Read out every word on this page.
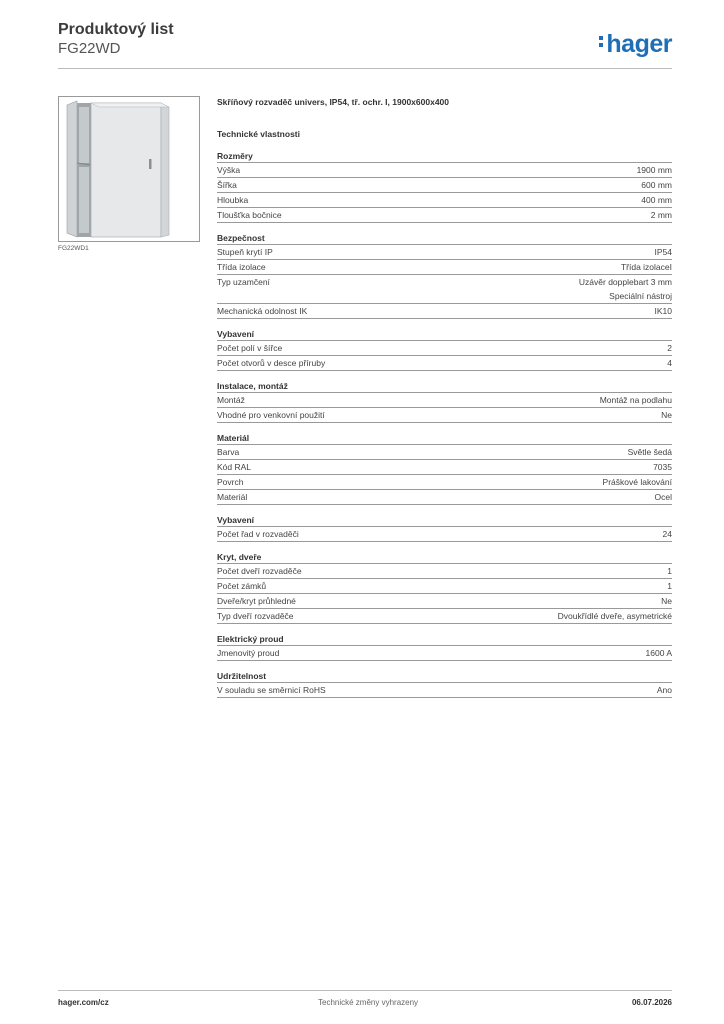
Produktový list
FG22WD	hager
FG22WD1
Skříňový rozvaděč univers, IP54, tř. ochr. I, 1900x600x400
Technické vlastnosti
Rozměry
Výška	1900 mm
Šířka	600 mm
Hloubka	400 mm
Tloušťka bočnice	2 mm
Bezpečnost
Stupeň krytí IP	IP54
Třída izolace	Třída izolaceI
Typ uzamčení	Uzávěr dopplebart 3 mm
Speciální nástroj
Mechanická odolnost IK	IK10
Vybavení
Počet polí v šířce	2
Počet otvorů v desce příruby	4
Instalace, montáž
Montáž	Montáž na podlahu
Vhodné pro venkovní použití	Ne
Materiál
Barva	Světle šedá
Kód RAL	7035
Povrch	Práškové lakování
Materiál	Ocel
Vybavení
Počet řad v rozvaděči	24
Kryt, dveře
Počet dveří rozvaděče	1
Počet zámků	1
Dveře/kryt průhledné	Ne
Typ dveří rozvaděče	Dvoukřídlé dveře, asymetrické
Elektrický proud
Jmenovitý proud	1600 A
Udržitelnost
V souladu se směrnicí RoHS	Ano
hager.com/cz	Technické změny vyhrazeny	06.07.2026
